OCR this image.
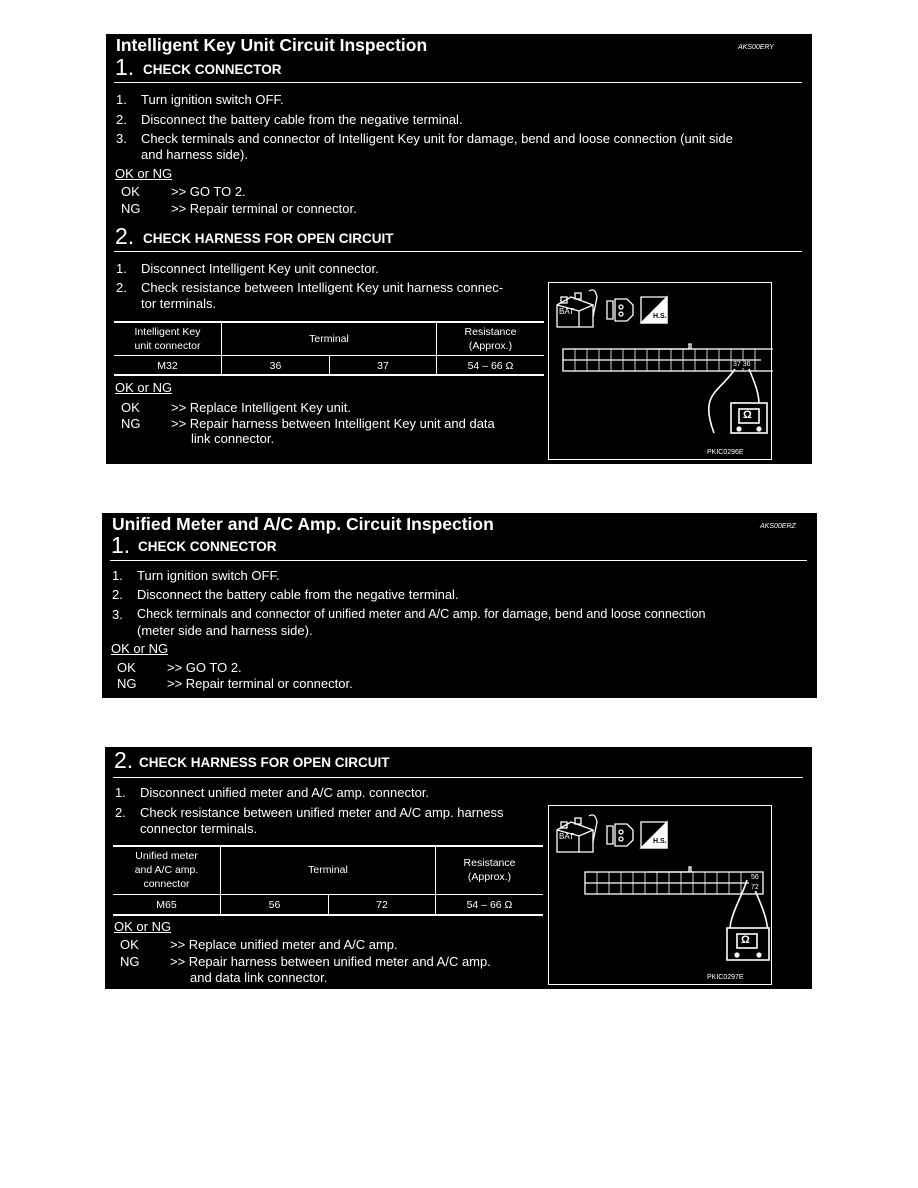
Intelligent Key Unit Circuit Inspection	AKS00ERY
1. CHECK CONNECTOR
1. Turn ignition switch OFF.
2. Disconnect the battery cable from the negative terminal.
3. Check terminals and connector of Intelligent Key unit for damage, bend and loose connection (unit side
and harness side).
OK or NG
OK >> GO TO 2.
NG >> Repair terminal or connector.
2. CHECK HARNESS FOR OPEN CIRCUIT
1. Disconnect Intelligent Key unit connector.
2. Check resistance between Intelligent Key unit harness connec-
tor terminals.
Intelligent Key
unit connector
Terminal
Resistance
(Approx.)
M32	36	37	54 – 66 Ω
OK or NG
OK >> Replace Intelligent Key unit.
NG >> Repair harness between Intelligent Key unit and data
link connector.
BAT
H.S.
37 36
Ω
PKIC0296E
Unified Meter and A/C Amp. Circuit Inspection	AKS00ERZ
1. CHECK CONNECTOR
1. Turn ignition switch OFF.
2. Disconnect the battery cable from the negative terminal.
3. Check terminals and connector of unified meter and A/C amp. for damage, bend and loose connection
(meter side and harness side).
OK or NG
OK >> GO TO 2.
NG >> Repair terminal or connector.
2. CHECK HARNESS FOR OPEN CIRCUIT
1. Disconnect unified meter and A/C amp. connector.
2. Check resistance between unified meter and A/C amp. harness
connector terminals.
Unified meter
and A/C amp.
connector
Terminal
Resistance
(Approx.)
M65	56	72	54 – 66 Ω
OK or NG
OK >> Replace unified meter and A/C amp.
NG >> Repair harness between unified meter and A/C amp.
and data link connector.
BAT
H.S.
56
72
Ω
PKIC0297E
